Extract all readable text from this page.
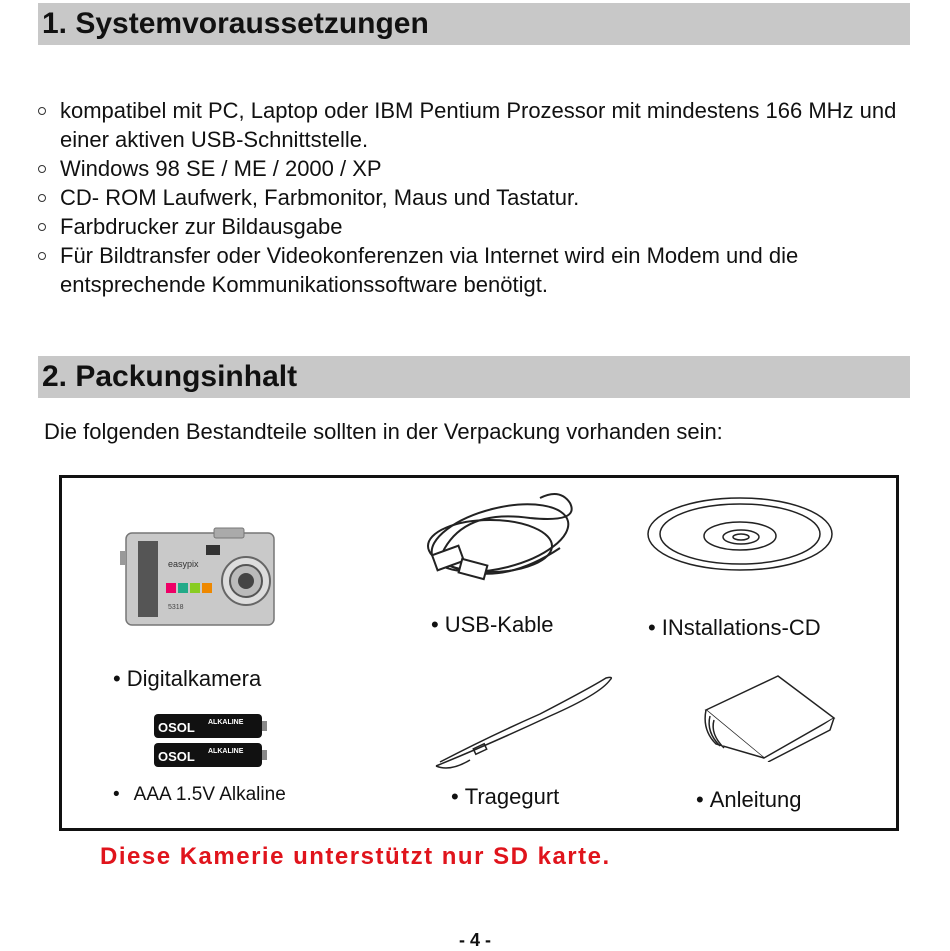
1. Systemvoraussetzungen
kompatibel mit PC, Laptop oder IBM Pentium Prozessor mit mindestens 166 MHz und einer aktiven USB-Schnittstelle.
Windows 98 SE / ME / 2000 / XP
CD- ROM Laufwerk, Farbmonitor, Maus und Tastatur.
Farbdrucker zur Bildausgabe
Für Bildtransfer oder Videokonferenzen via Internet wird ein Modem und die entsprechende Kommunikationssoftware benötigt.
2. Packungsinhalt
Die folgenden Bestandteile sollten in der Verpackung vorhanden sein:
easypix
5318
• USB-Kable	• INstallations-CD
• Digitalkamera
OSOL ALKALINE
OSOL ALKALINE
• AAA 1.5V Alkaline	• Tragegurt	• Anleitung
Diese Kamerie unterstützt nur SD karte.
- 4 -
